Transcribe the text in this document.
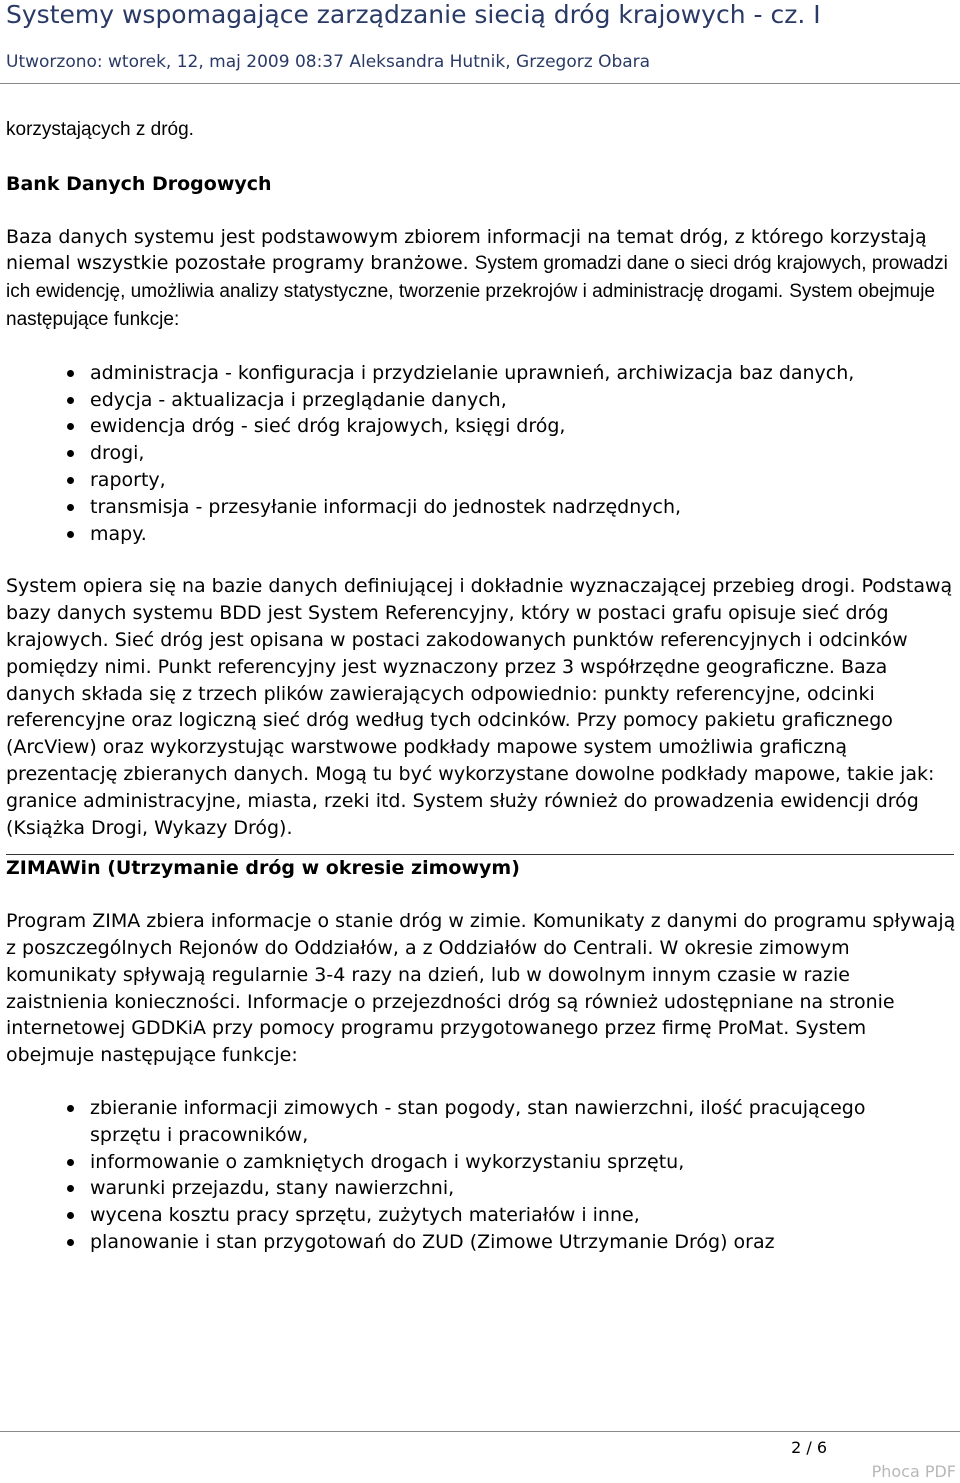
Systemy wspomagające zarządzanie siecią dróg krajowych - cz. I
Utworzono: wtorek, 12, maj 2009 08:37 Aleksandra Hutnik, Grzegorz Obara

korzystających z dróg.

Bank Danych Drogowych

Baza danych systemu jest podstawowym zbiorem informacji na temat dróg, z którego korzystają niemal wszystkie pozostałe programy branżowe. System gromadzi dane o sieci dróg krajowych, prowadzi ich ewidencję, umożliwia analizy statystyczne, tworzenie przekrojów i administrację drogami. System obejmuje następujące funkcje:

administracja - konfiguracja i przydzielanie uprawnień, archiwizacja baz danych,
edycja - aktualizacja i przeglądanie danych,
ewidencja dróg - sieć dróg krajowych, księgi dróg,
drogi,
raporty,
transmisja - przesyłanie informacji do jednostek nadrzędnych,
mapy.

System opiera się na bazie danych definiującej i dokładnie wyznaczającej przebieg drogi. Podstawą bazy danych systemu BDD jest System Referencyjny, który w postaci grafu opisuje sieć dróg krajowych. Sieć dróg jest opisana w postaci zakodowanych punktów referencyjnych i odcinków pomiędzy nimi. Punkt referencyjny jest wyznaczony przez 3 współrzędne geograficzne. Baza danych składa się z trzech plików zawierających odpowiednio: punkty referencyjne, odcinki referencyjne oraz logiczną sieć dróg według tych odcinków. Przy pomocy pakietu graficznego (ArcView) oraz wykorzystując warstwowe podkłady mapowe system umożliwia graficzną prezentację zbieranych danych. Mogą tu być wykorzystane dowolne podkłady mapowe, takie jak: granice administracyjne, miasta, rzeki itd. System służy również do prowadzenia ewidencji dróg (Książka Drogi, Wykazy Dróg).

ZIMAWin (Utrzymanie dróg w okresie zimowym)

Program ZIMA zbiera informacje o stanie dróg w zimie. Komunikaty z danymi do programu spływają z poszczególnych Rejonów do Oddziałów, a z Oddziałów do Centrali. W okresie zimowym komunikaty spływają regularnie 3-4 razy na dzień, lub w dowolnym innym czasie w razie zaistnienia konieczności. Informacje o przejezdności dróg są również udostępniane na stronie internetowej GDDKiA przy pomocy programu przygotowanego przez firmę ProMat. System obejmuje następujące funkcje:

zbieranie informacji zimowych - stan pogody, stan nawierzchni, ilość pracującego sprzętu i pracowników,
informowanie o zamkniętych drogach i wykorzystaniu sprzętu,
warunki przejazdu, stany nawierzchni,
wycena kosztu pracy sprzętu, zużytych materiałów i inne,
planowanie i stan przygotowań do ZUD (Zimowe Utrzymanie Dróg) oraz
2 / 6
Phoca PDF
